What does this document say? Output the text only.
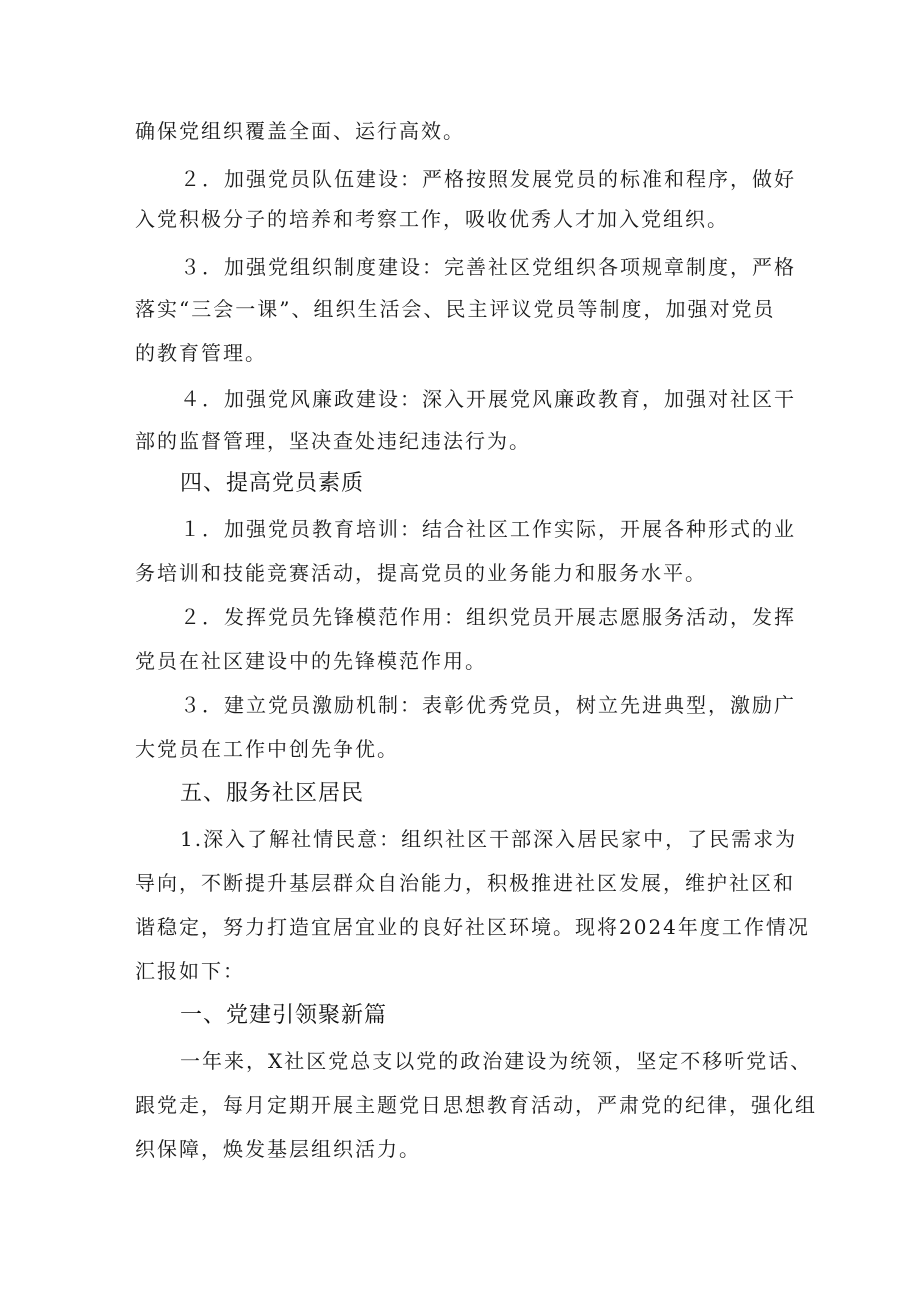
确保党组织覆盖全面、运行高效。
２．加强党员队伍建设：严格按照发展党员的标准和程序，做好
入党积极分子的培养和考察工作，吸收优秀人才加入党组织。
３．加强党组织制度建设：完善社区党组织各项规章制度，严格
落实“三会一课”、组织生活会、民主评议党员等制度，加强对党员
的教育管理。
４．加强党风廉政建设：深入开展党风廉政教育，加强对社区干
部的监督管理，坚决查处违纪违法行为。
四、提高党员素质
１．加强党员教育培训：结合社区工作实际，开展各种形式的业
务培训和技能竞赛活动，提高党员的业务能力和服务水平。
２．发挥党员先锋模范作用：组织党员开展志愿服务活动，发挥
党员在社区建设中的先锋模范作用。
３．建立党员激励机制：表彰优秀党员，树立先进典型，激励广
大党员在工作中创先争优。
五、服务社区居民
1.深入了解社情民意：组织社区干部深入居民家中，了民需求为
导向，不断提升基层群众自治能力，积极推进社区发展，维护社区和
谐稳定，努力打造宜居宜业的良好社区环境。现将2024年度工作情况
汇报如下：
一、党建引领聚新篇
一年来，X社区党总支以党的政治建设为统领，坚定不移听党话、
跟党走，每月定期开展主题党日思想教育活动，严肃党的纪律，强化组
织保障，焕发基层组织活力。
